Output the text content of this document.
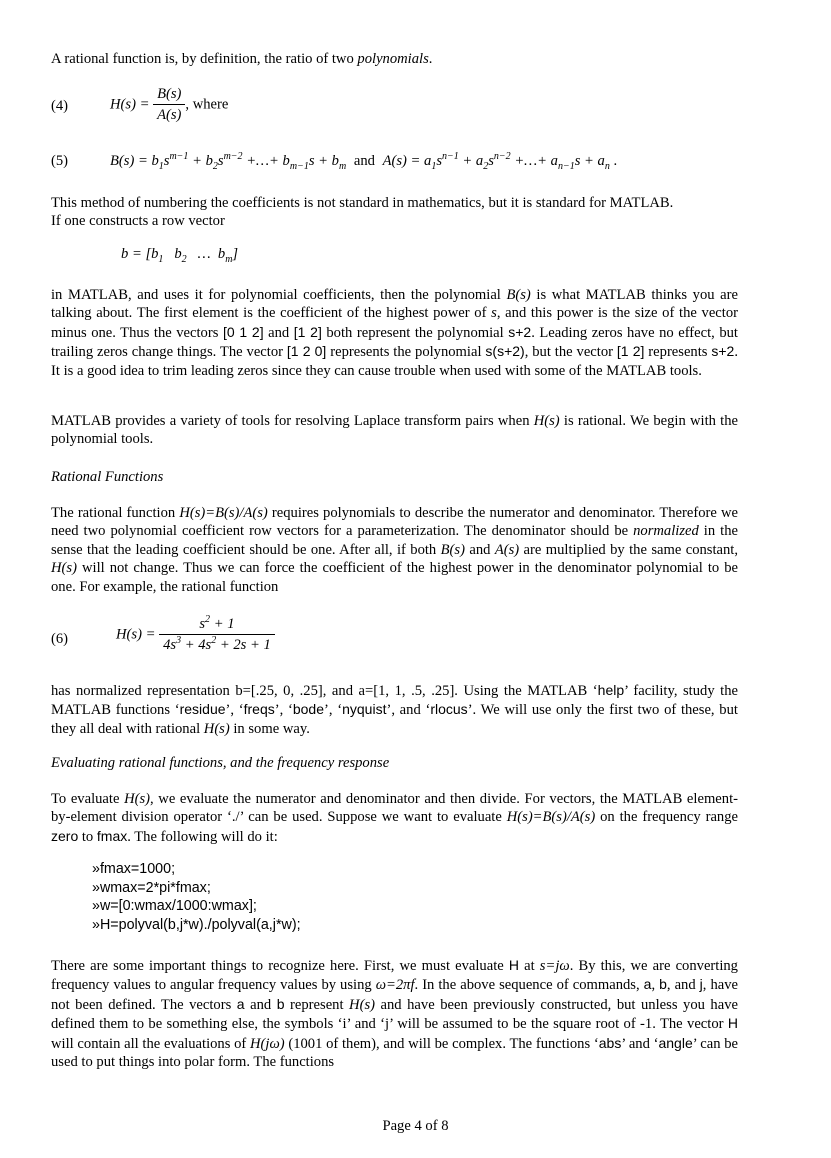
A rational function is, by definition, the ratio of two polynomials.
(4)	$H(s) = \frac{B(s)}{A(s)}$ , where
(5)	$B(s) = b_1s^{m-1} + b_2s^{m-2}$ +…+ $b_{m-1}s + b_m$ and $A(s) = a_1s^{n-1} + a_2s^{n-2}$ +…+ $a_{n-1}s + a_n$ .
This method of numbering the coefficients is not standard in mathematics, but it is standard for MATLAB.
If one constructs a row vector
$b = [b_1$   $b_2$   …  $b_m$]
in MATLAB, and uses it for polynomial coefficients, then the polynomial B(s) is what MATLAB thinks you are talking about. The first element is the coefficient of the highest power of s, and this power is the size of the vector minus one. Thus the vectors [0 1 2] and [1 2] both represent the polynomial s+2. Leading zeros have no effect, but trailing zeros change things. The vector [1 2 0] represents the polynomial s(s+2), but the vector [1 2] represents s+2. It is a good idea to trim leading zeros since they can cause trouble when used with some of the MATLAB tools.
MATLAB provides a variety of tools for resolving Laplace transform pairs when H(s) is rational. We begin with the polynomial tools.
Rational Functions
The rational function H(s)=B(s)/A(s) requires polynomials to describe the numerator and denominator. Therefore we need two polynomial coefficient row vectors for a parameterization. The denominator should be normalized in the sense that the leading coefficient should be one. After all, if both B(s) and A(s) are multiplied by the same constant, H(s) will not change. Thus we can force the coefficient of the highest power in the denominator polynomial to be one. For example, the rational function
(6)	$H(s) = \frac{s^2 + 1}{4s^3 + 4s^2 + 2s + 1}$
has normalized representation b=[.25, 0, .25], and a=[1, 1, .5, .25]. Using the MATLAB ‘help’ facility, study the MATLAB functions ‘residue’, ‘freqs’, ‘bode’, ‘nyquist’, and ‘rlocus’. We will use only the first two of these, but they all deal with rational H(s) in some way.
Evaluating rational functions, and the frequency response
To evaluate H(s), we evaluate the numerator and denominator and then divide. For vectors, the MATLAB element-by-element division operator ‘./’ can be used. Suppose we want to evaluate H(s)=B(s)/A(s) on the frequency range zero to fmax. The following will do it:
»fmax=1000;
»wmax=2*pi*fmax;
»w=[0:wmax/1000:wmax];
»H=polyval(b,j*w)./polyval(a,j*w);
There are some important things to recognize here. First, we must evaluate H at s=jω. By this, we are converting frequency values to angular frequency values by using ω=2πf. In the above sequence of commands, a, b, and j, have not been defined. The vectors a and b represent H(s) and have been previously constructed, but unless you have defined them to be something else, the symbols ‘i’ and ‘j’ will be assumed to be the square root of -1. The vector H will contain all the evaluations of H(jω) (1001 of them), and will be complex. The functions ‘abs’ and ‘angle’ can be used to put things into polar form. The functions
Page 4 of 8
